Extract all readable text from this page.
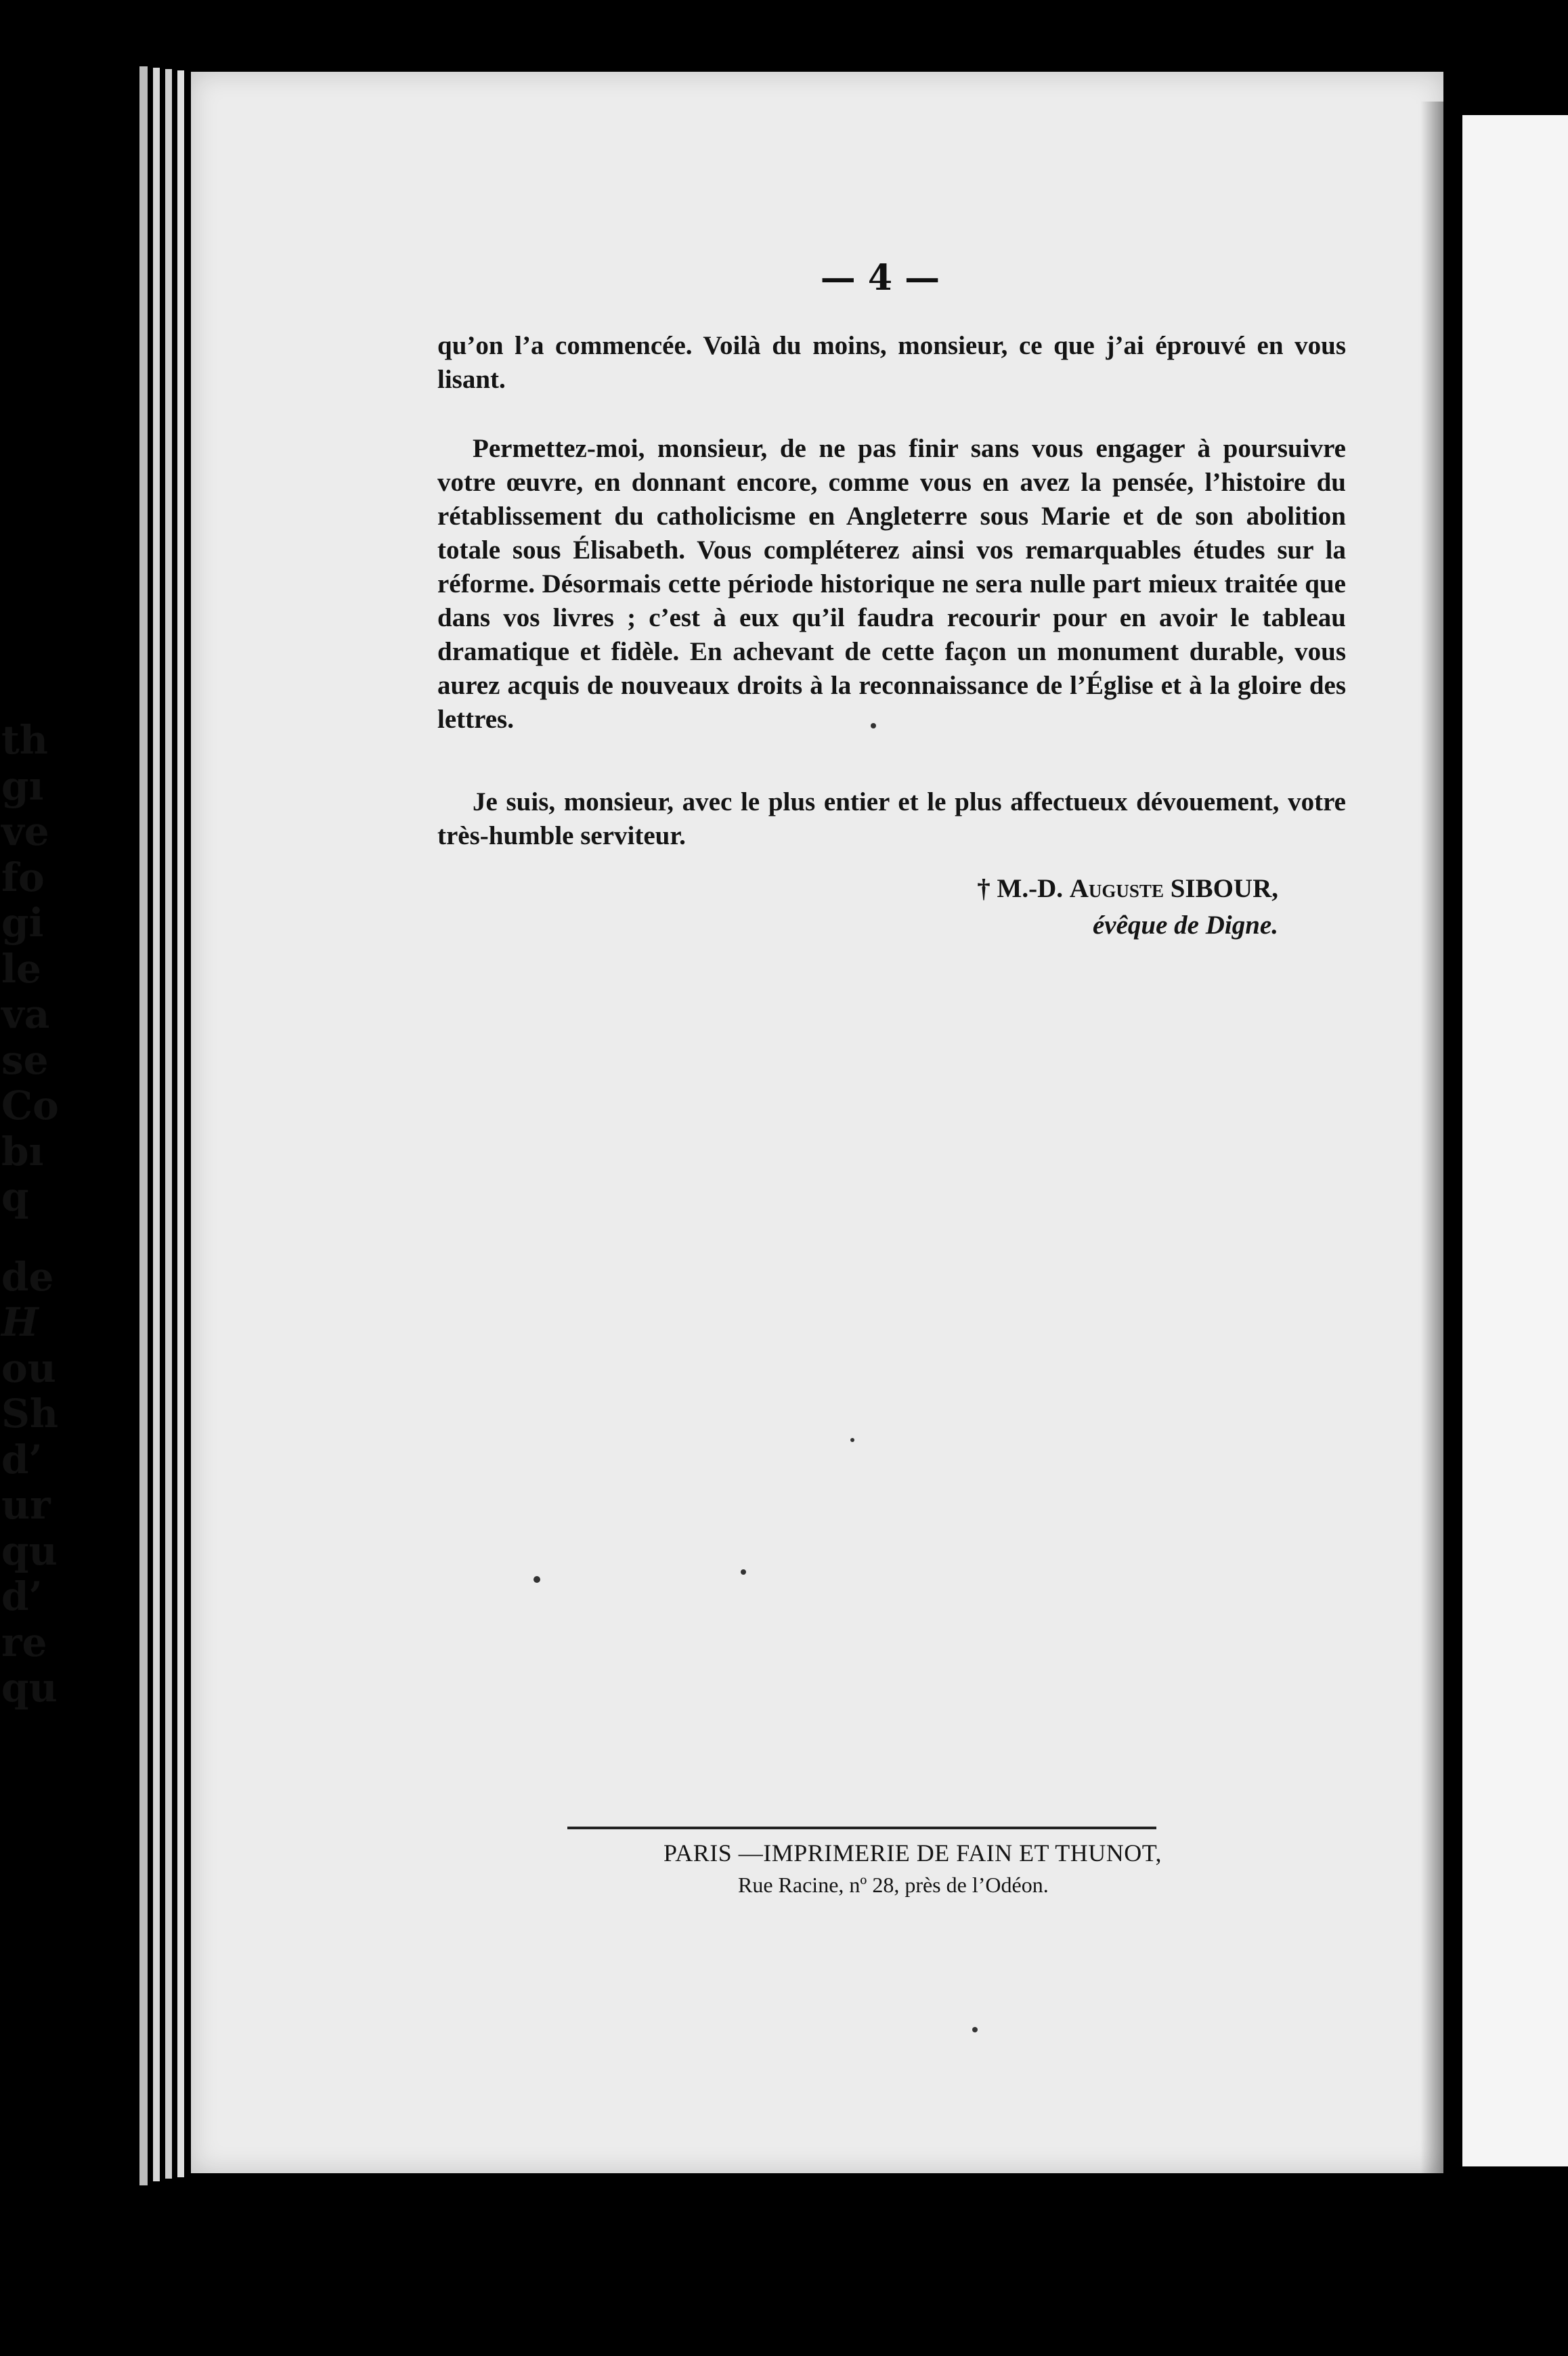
— 4 —

qu’on l’a commencée. Voilà du moins, monsieur, ce que j’ai éprouvé en vous lisant.

Permettez-moi, monsieur, de ne pas finir sans vous engager à poursuivre votre œuvre, en donnant encore, comme vous en avez la pensée, l’histoire du rétablissement du catholicisme en Angleterre sous Marie et de son abolition totale sous Élisabeth. Vous compléterez ainsi vos remarquables études sur la réforme. Désormais cette période historique ne sera nulle part mieux traitée que dans vos livres ; c’est à eux qu’il faudra recourir pour en avoir le tableau dramatique et fidèle. En achevant de cette façon un monument durable, vous aurez acquis de nouveaux droits à la reconnaissance de l’Église et à la gloire des lettres.

Je suis, monsieur, avec le plus entier et le plus affectueux dévouement, votre très-humble serviteur.

† M.-D. Auguste SIBOUR,
évêque de Digne.
PARIS —IMPRIMERIE DE FAIN ET THUNOT,
Rue Racine, nº 28, près de l’Odéon.
th
gı
ve
fo
gi
le
va
se
Co
bı
q
de
H
ou
Sh
d’
ur
qu
d’
re
qu
